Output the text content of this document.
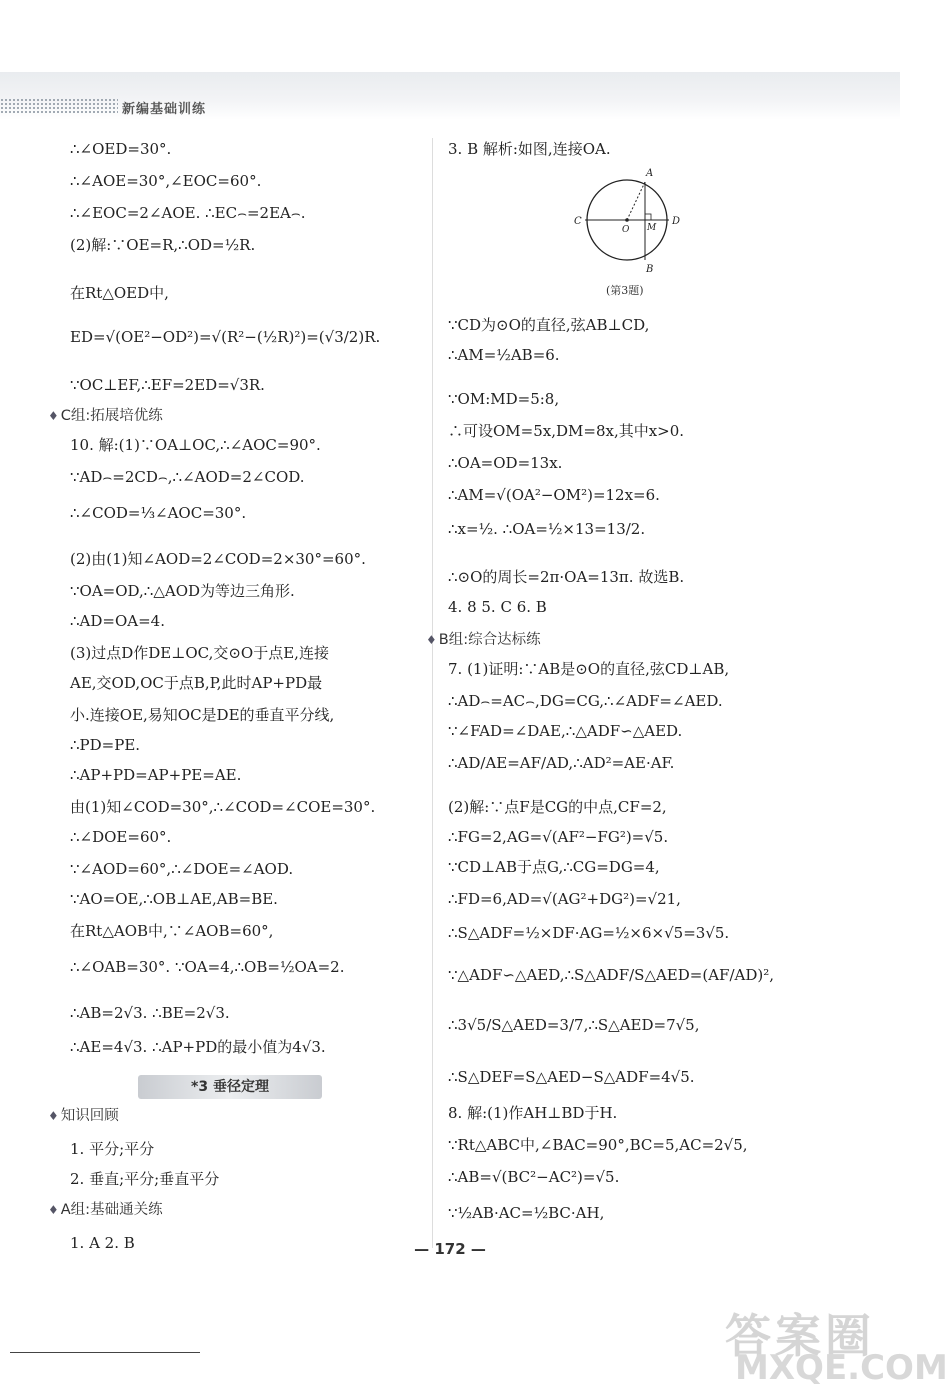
新编基础训练
∴∠OED=30°.
∴∠AOE=30°,∠EOC=60°.
∴∠EOC=2∠AOE. ∴EC⌢=2EA⌢.
(2)解:∵OE=R,∴OD=½R.
在Rt△OED中,
ED=√(OE²−OD²)=√(R²−(½R)²)=(√3/2)R.
∵OC⊥EF,∴EF=2ED=√3R.
♦ C组:拓展培优练
10. 解:(1)∵OA⊥OC,∴∠AOC=90°.
∵AD⌢=2CD⌢,∴∠AOD=2∠COD.
∴∠COD=⅓∠AOC=30°.
(2)由(1)知∠AOD=2∠COD=2×30°=60°.
∵OA=OD,∴△AOD为等边三角形.
∴AD=OA=4.
(3)过点D作DE⊥OC,交⊙O于点E,连接
AE,交OD,OC于点B,P,此时AP+PD最
小.连接OE,易知OC是DE的垂直平分线,
∴PD=PE.
∴AP+PD=AP+PE=AE.
由(1)知∠COD=30°,∴∠COD=∠COE=30°.
∴∠DOE=60°.
∵∠AOD=60°,∴∠DOE=∠AOD.
∵AO=OE,∴OB⊥AE,AB=BE.
在Rt△AOB中,∵∠AOB=60°,
∴∠OAB=30°. ∵OA=4,∴OB=½OA=2.
∴AB=2√3. ∴BE=2√3.
∴AE=4√3. ∴AP+PD的最小值为4√3.
*3 垂径定理
♦ 知识回顾
1. 平分;平分
2. 垂直;平分;垂直平分
♦ A组:基础通关练
1. A 2. B
3. B 解析:如图,连接OA.
∵CD为⊙O的直径,弦AB⊥CD,
∴AM=½AB=6.
∵OM:MD=5:8,
∴可设OM=5x,DM=8x,其中x>0.
∴OA=OD=13x.
∴AM=√(OA²−OM²)=12x=6.
∴x=½. ∴OA=½×13=13/2.
∴⊙O的周长=2π·OA=13π. 故选B.
4. 8 5. C 6. B
♦ B组:综合达标练
7. (1)证明:∵AB是⊙O的直径,弦CD⊥AB,
∴AD⌢=AC⌢,DG=CG,∴∠ADF=∠AED.
∵∠FAD=∠DAE,∴△ADF∽△AED.
∴AD/AE=AF/AD,∴AD²=AE·AF.
(2)解:∵点F是CG的中点,CF=2,
∴FG=2,AG=√(AF²−FG²)=√5.
∵CD⊥AB于点G,∴CG=DG=4,
∴FD=6,AD=√(AG²+DG²)=√21,
∴S△ADF=½×DF·AG=½×6×√5=3√5.
∵△ADF∽△AED,∴S△ADF/S△AED=(AF/AD)²,
∴3√5/S△AED=3/7,∴S△AED=7√5,
∴S△DEF=S△AED−S△ADF=4√5.
8. 解:(1)作AH⊥BD于H.
∵Rt△ABC中,∠BAC=90°,BC=5,AC=2√5,
∴AB=√(BC²−AC²)=√5.
∵½AB·AC=½BC·AH,
A
B
C	D
O M
(第3题)
— 172 —
答案圈
MXQE.COM
